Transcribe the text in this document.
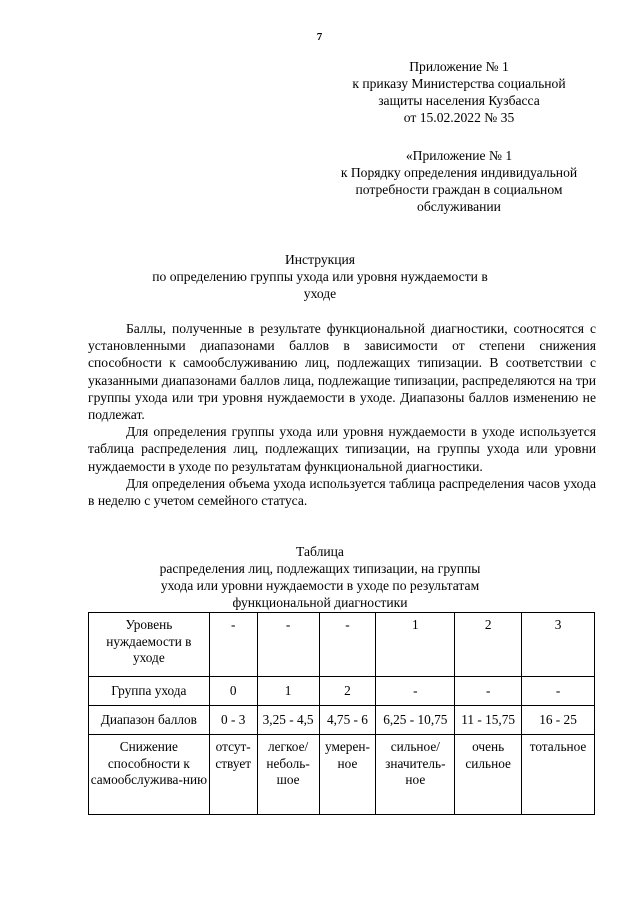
7
Приложение № 1
к приказу Министерства социальной
защиты населения Кузбасса
от 15.02.2022 № 35
«Приложение № 1
к Порядку определения индивидуальной
потребности граждан в социальном
обслуживании
Инструкция
по определению группы ухода или уровня нуждаемости в
уходе

Баллы, полученные в результате функциональной диагностики, соотносятся с установленными диапазонами баллов в зависимости от степени снижения способности к самообслуживанию лиц, подлежащих типизации. В соответствии с указанными диапазонами баллов лица, подлежащие типизации, распределяются на три группы ухода или три уровня нуждаемости в уходе. Диапазоны баллов изменению не подлежат.

Для определения группы ухода или уровня нуждаемости в уходе используется таблица распределения лиц, подлежащих типизации, на группы ухода или уровни нуждаемости в уходе по результатам функциональной диагностики.

Для определения объема ухода используется таблица распределения часов ухода в неделю с учетом семейного статуса.

Таблица
распределения лиц, подлежащих типизации, на группы
ухода или уровни нуждаемости в уходе по результатам
функциональной диагностики
Уровень нуждаемости в уходе	-	-	-	1	2	3
Группа ухода	0	1	2	-	-	-
Диапазон баллов	0 - 3	3,25 - 4,5	4,75 - 6	6,25 - 10,75	11 - 15,75	16 - 25
Снижение способности к самообслужива-нию	отсут-ствует	легкое/ неболь-шое	умерен-ное	сильное/ значитель-ное	очень сильное	тотальное
